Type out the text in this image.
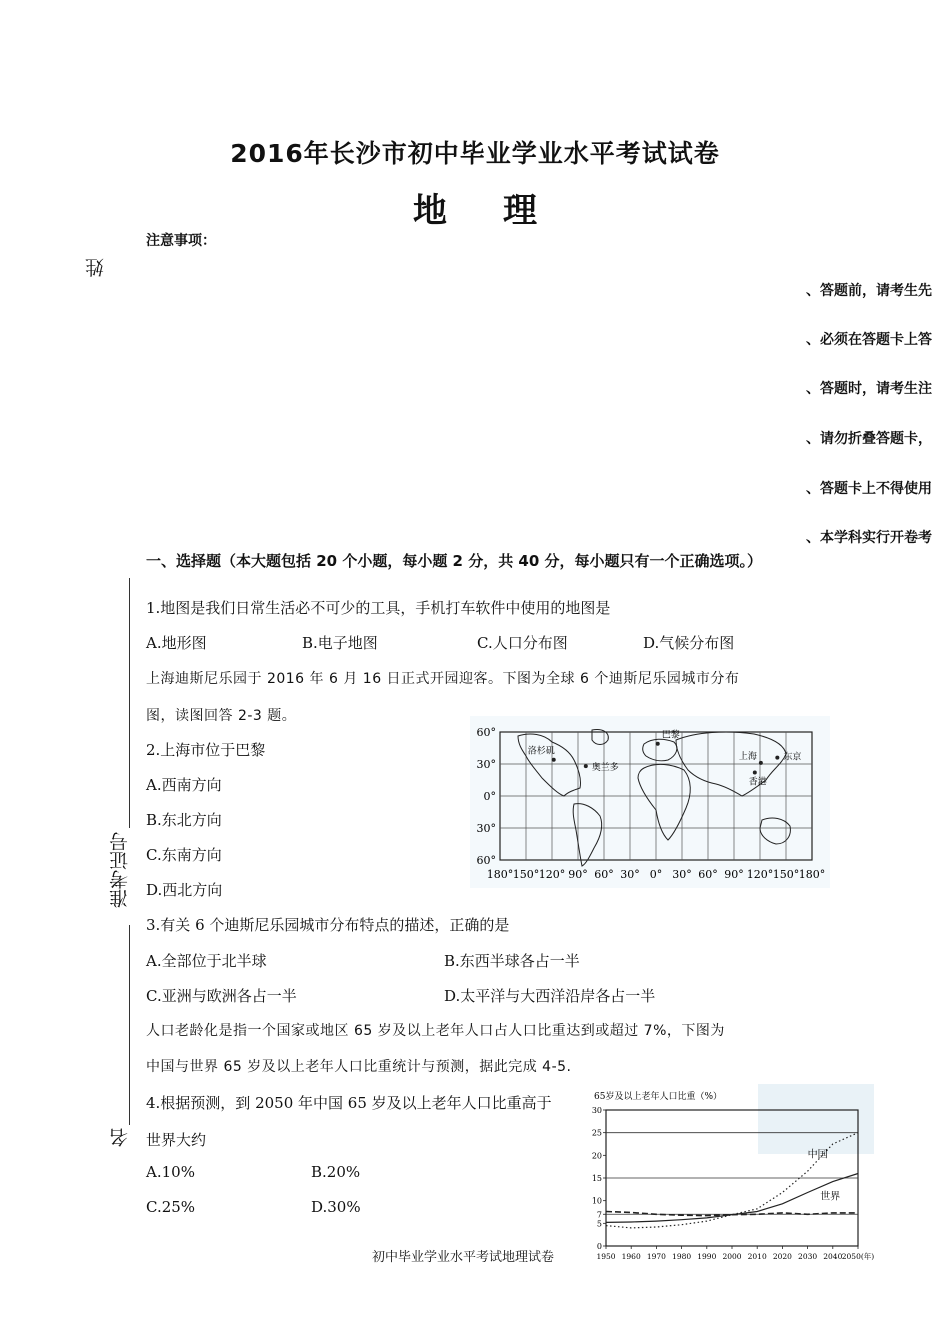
2016年长沙市初中毕业学业水平考试试卷
地 理
注意事项：
、答题前，请考生先
、必须在答题卡上答
、答题时，请考生注
、请勿折叠答题卡，
、答题卡上不得使用
、本学科实行开卷考
姓
准考证号
名
一、选择题（本大题包括 20 个小题，每小题 2 分，共 40 分，每小题只有一个正确选项。）
1.地图是我们日常生活必不可少的工具，手机打车软件中使用的地图是
A.地形图	B.电子地图	C.人口分布图	D.气候分布图
上海迪斯尼乐园于 2016 年 6 月 16 日正式开园迎客。下图为全球 6 个迪斯尼乐园城市分布
图，读图回答 2-3 题。
2.上海市位于巴黎
A.西南方向
B.东北方向
C.东南方向
D.西北方向
洛杉矶
奥兰多
巴黎
上海	东京
香港
60°
30°
0°
30°
60°
180° 150° 120° 90° 60° 30° 0° 30° 60° 90° 120° 150° 180°
3.有关 6 个迪斯尼乐园城市分布特点的描述，正确的是
A.全部位于北半球	B.东西半球各占一半
C.亚洲与欧洲各占一半	D.太平洋与大西洋沿岸各占一半
人口老龄化是指一个国家或地区 65 岁及以上老年人口占人口比重达到或超过 7%，下图为
中国与世界 65 岁及以上老年人口比重统计与预测，据此完成 4-5.
4.根据预测，到 2050 年中国 65 岁及以上老年人口比重高于
世界大约
A.10%	B.20%
C.25%	D.30%
65岁及以上老年人口比重（%）
0
5
7
10
15
20
25
30
1950 1960 1970 1980 1990 2000 2010 2020 2030 2040 2050(年)
中国
世界
初中毕业学业水平考试地理试卷
